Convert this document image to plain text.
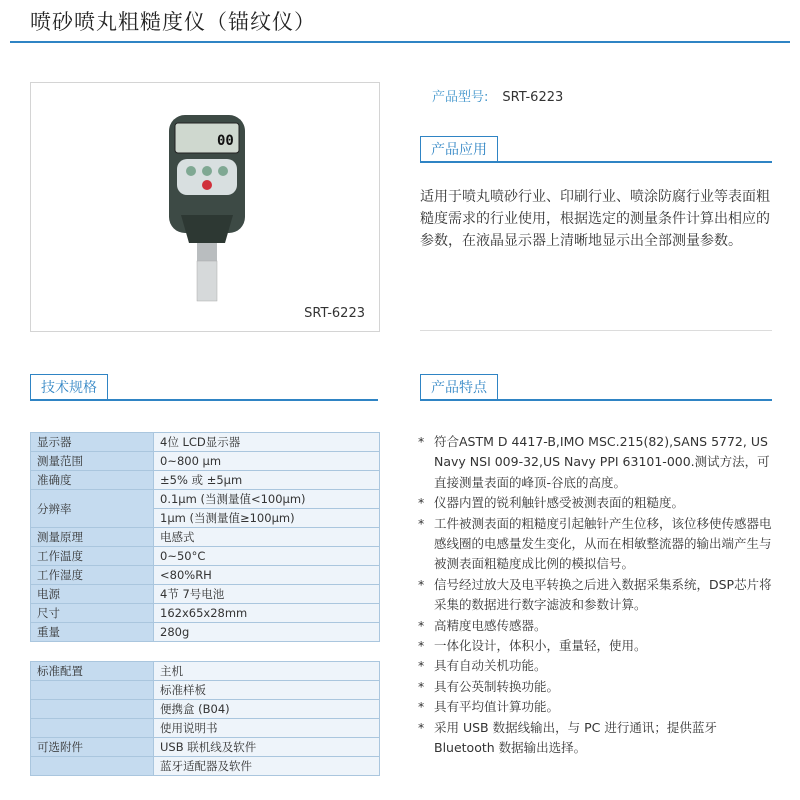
喷砂喷丸粗糙度仪（锚纹仪）
00
SRT-6223
产品型号: SRT-6223
产品应用
适用于喷丸喷砂行业、印刷行业、喷涂防腐行业等表面粗糙度需求的行业使用，根据选定的测量条件计算出相应的参数，在液晶显示器上清晰地显示出全部测量参数。
技术规格
显示器	4位 LCD显示器
测量范围	0~800 μm
准确度	±5% 或 ±5μm
分辨率	0.1μm (当测量值<100μm)
	1μm (当测量值≥100μm)
测量原理	电感式
工作温度	0~50°C
工作湿度	<80%RH
电源	4节 7号电池
尺寸	162x65x28mm
重量	280g
标准配置	主机
	标准样板
	便携盒 (B04)
	使用说明书
可选附件	USB 联机线及软件
	蓝牙适配器及软件
产品特点
* 符合ASTM D 4417-B,IMO MSC.215(82),SANS 5772, US Navy NSI 009-32,US Navy PPI 63101-000.测试方法，可直接测量表面的峰顶-谷底的高度。
* 仪器内置的锐利触针感受被测表面的粗糙度。
* 工件被测表面的粗糙度引起触针产生位移，该位移使传感器电感线圈的电感量发生变化，从而在相敏整流器的输出端产生与被测表面粗糙度成比例的模拟信号。
* 信号经过放大及电平转换之后进入数据采集系统，DSP芯片将采集的数据进行数字滤波和参数计算。
* 高精度电感传感器。
* 一体化设计，体积小，重量轻，使用。
* 具有自动关机功能。
* 具有公英制转换功能。
* 具有平均值计算功能。
* 采用 USB 数据线输出，与 PC 进行通讯；提供蓝牙 Bluetooth 数据输出选择。
